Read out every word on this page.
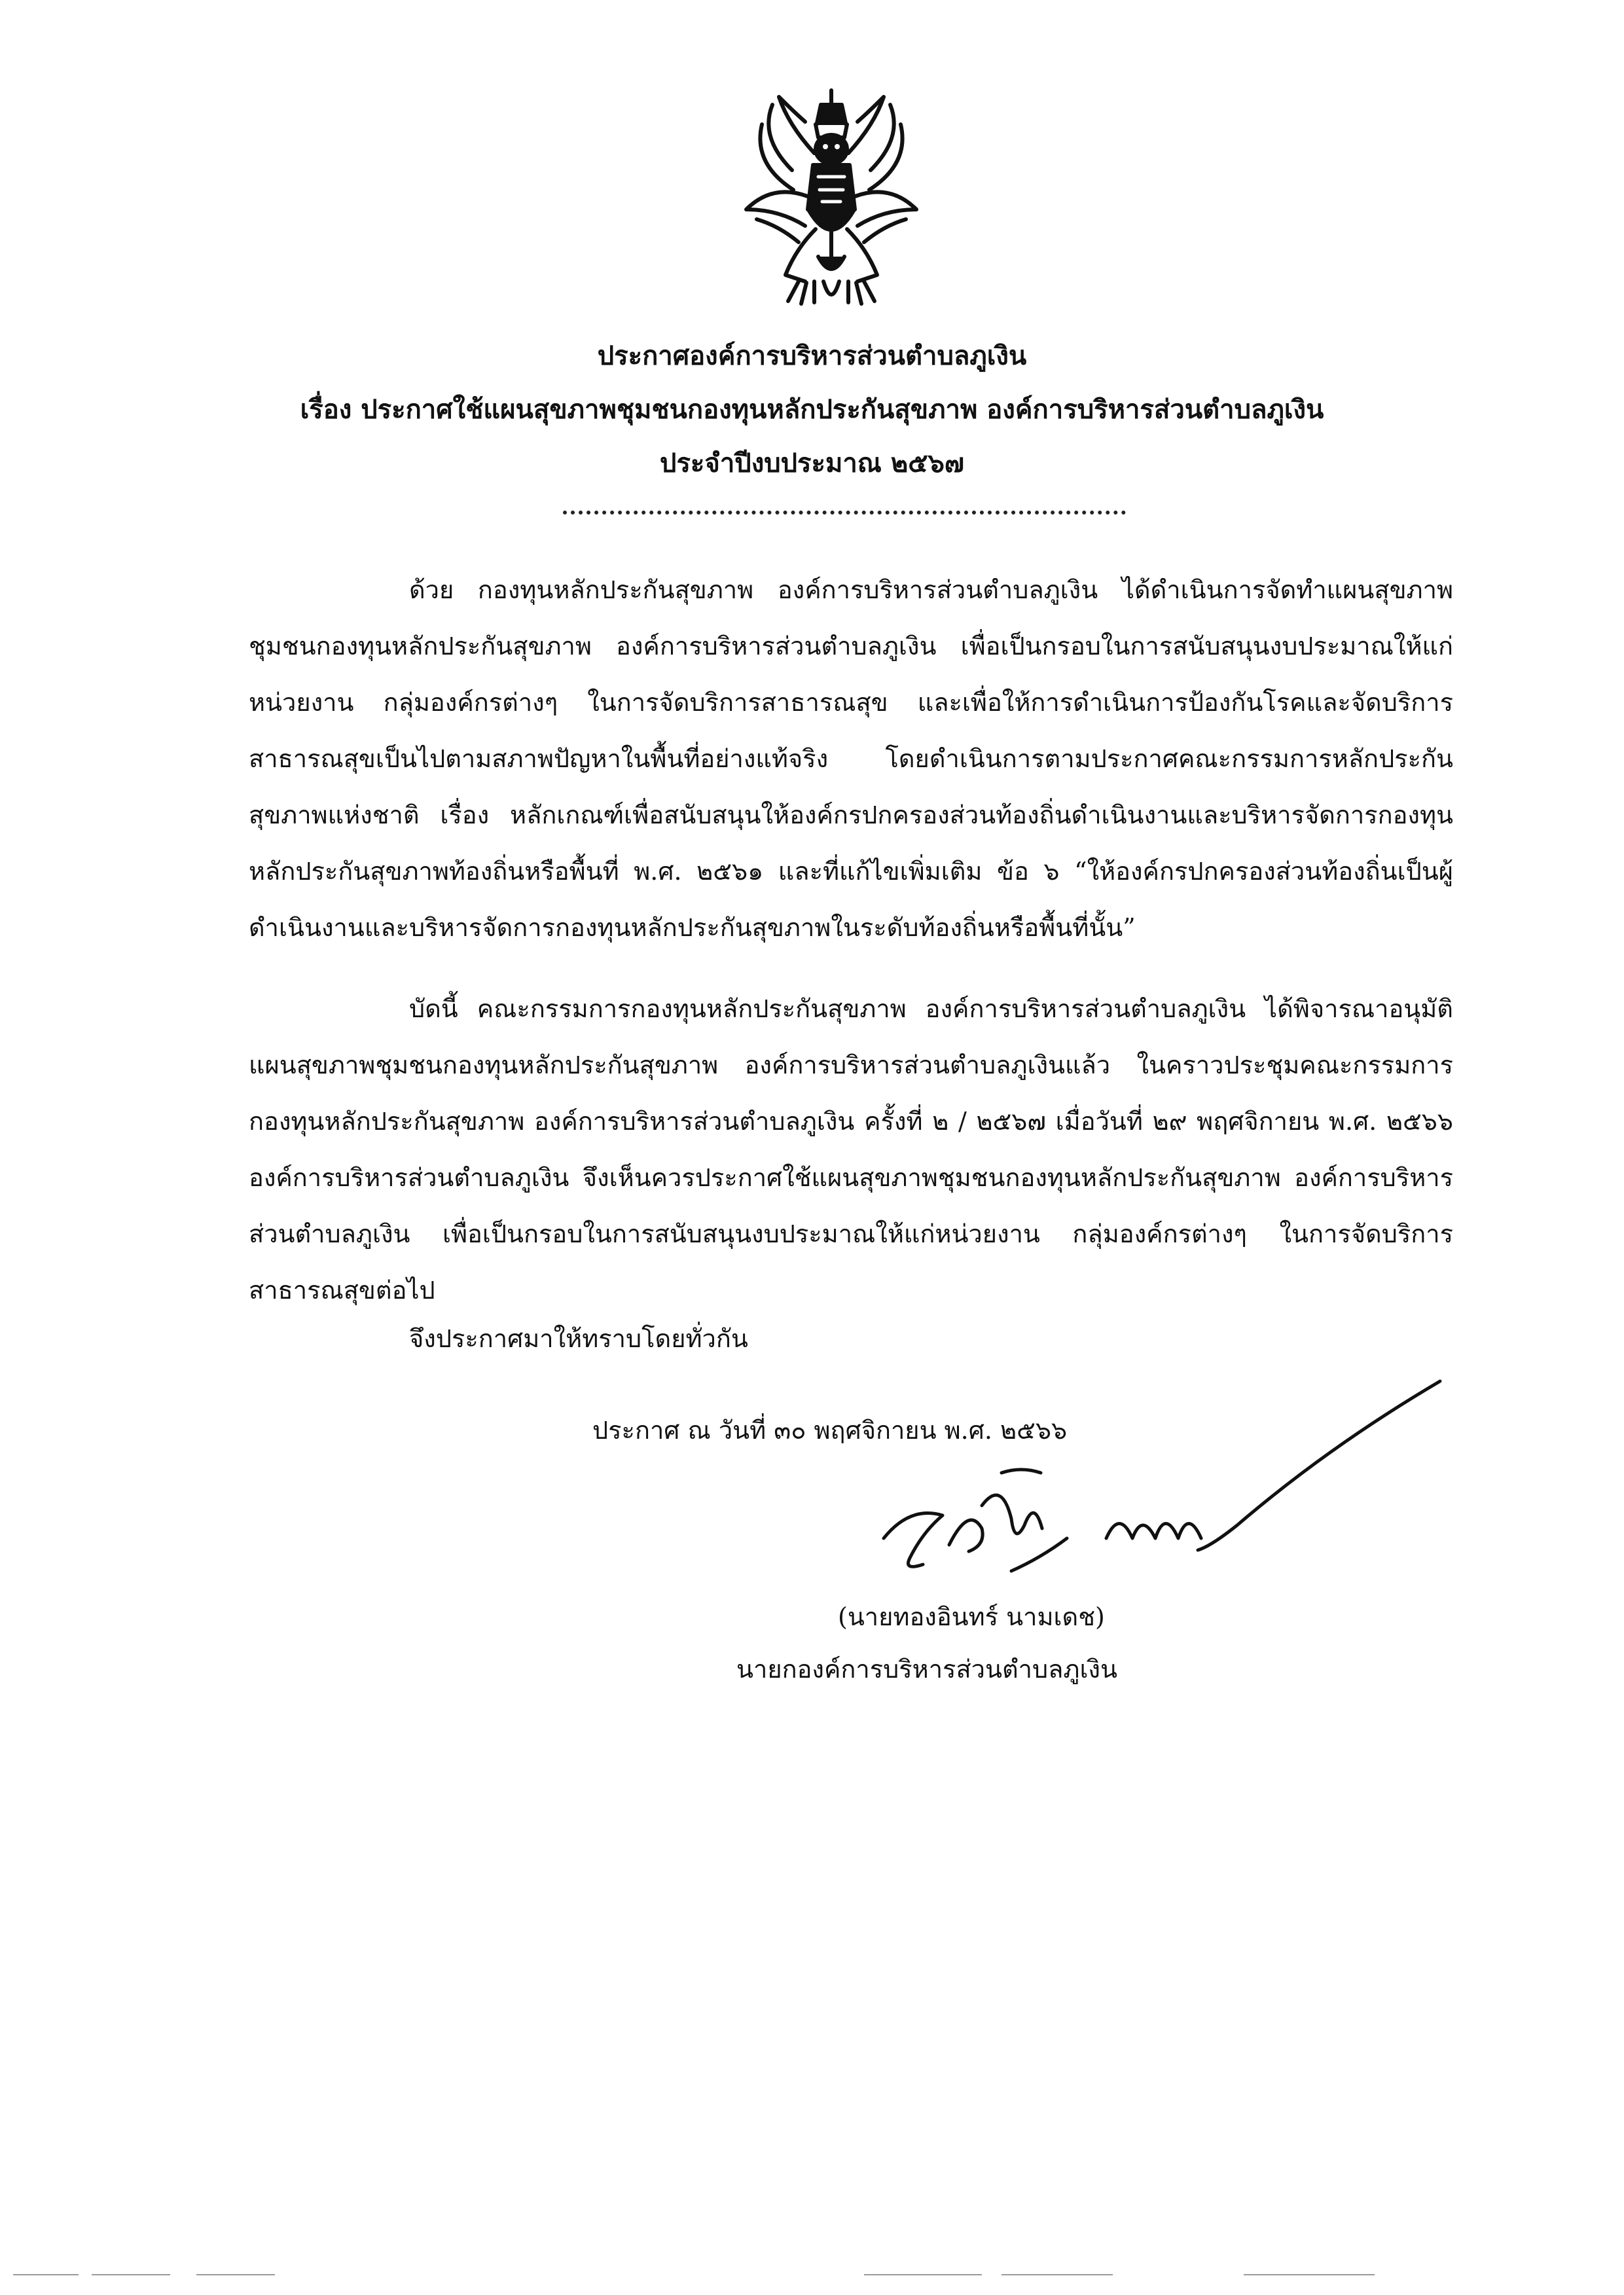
ประกาศองค์การบริหารส่วนตำบลภูเงิน
เรื่อง ประกาศใช้แผนสุขภาพชุมชนกองทุนหลักประกันสุขภาพ องค์การบริหารส่วนตำบลภูเงิน
ประจำปีงบประมาณ ๒๕๖๗
ด้วย กองทุนหลักประกันสุขภาพ องค์การบริหารส่วนตำบลภูเงิน ได้ดำเนินการจัดทำแผนสุขภาพชุมชนกองทุนหลักประกันสุขภาพ องค์การบริหารส่วนตำบลภูเงิน เพื่อเป็นกรอบในการสนับสนุนงบประมาณให้แก่หน่วยงาน กลุ่มองค์กรต่างๆ ในการจัดบริการสาธารณสุข และเพื่อให้การดำเนินการป้องกันโรคและจัดบริการสาธารณสุขเป็นไปตามสภาพปัญหาในพื้นที่อย่างแท้จริง โดยดำเนินการตามประกาศคณะกรรมการหลักประกันสุขภาพแห่งชาติ เรื่อง หลักเกณฑ์เพื่อสนับสนุนให้องค์กรปกครองส่วนท้องถิ่นดำเนินงานและบริหารจัดการกองทุนหลักประกันสุขภาพท้องถิ่นหรือพื้นที่ พ.ศ. ๒๕๖๑ และที่แก้ไขเพิ่มเติม ข้อ ๖ “ให้องค์กรปกครองส่วนท้องถิ่นเป็นผู้ดำเนินงานและบริหารจัดการกองทุนหลักประกันสุขภาพในระดับท้องถิ่นหรือพื้นที่นั้น”
บัดนี้ คณะกรรมการกองทุนหลักประกันสุขภาพ องค์การบริหารส่วนตำบลภูเงิน ได้พิจารณาอนุมัติแผนสุขภาพชุมชนกองทุนหลักประกันสุขภาพ องค์การบริหารส่วนตำบลภูเงินแล้ว ในคราวประชุมคณะกรรมการกองทุนหลักประกันสุขภาพ องค์การบริหารส่วนตำบลภูเงิน ครั้งที่ ๒ / ๒๕๖๗ เมื่อวันที่ ๒๙ พฤศจิกายน พ.ศ. ๒๕๖๖ องค์การบริหารส่วนตำบลภูเงิน จึงเห็นควรประกาศใช้แผนสุขภาพชุมชนกองทุนหลักประกันสุขภาพ องค์การบริหารส่วนตำบลภูเงิน เพื่อเป็นกรอบในการสนับสนุนงบประมาณให้แก่หน่วยงาน กลุ่มองค์กรต่างๆ ในการจัดบริการสาธารณสุขต่อไป
จึงประกาศมาให้ทราบโดยทั่วกัน
ประกาศ ณ วันที่ ๓๐ พฤศจิกายน พ.ศ. ๒๕๖๖
(นายทองอินทร์ นามเดช)
นายกองค์การบริหารส่วนตำบลภูเงิน
